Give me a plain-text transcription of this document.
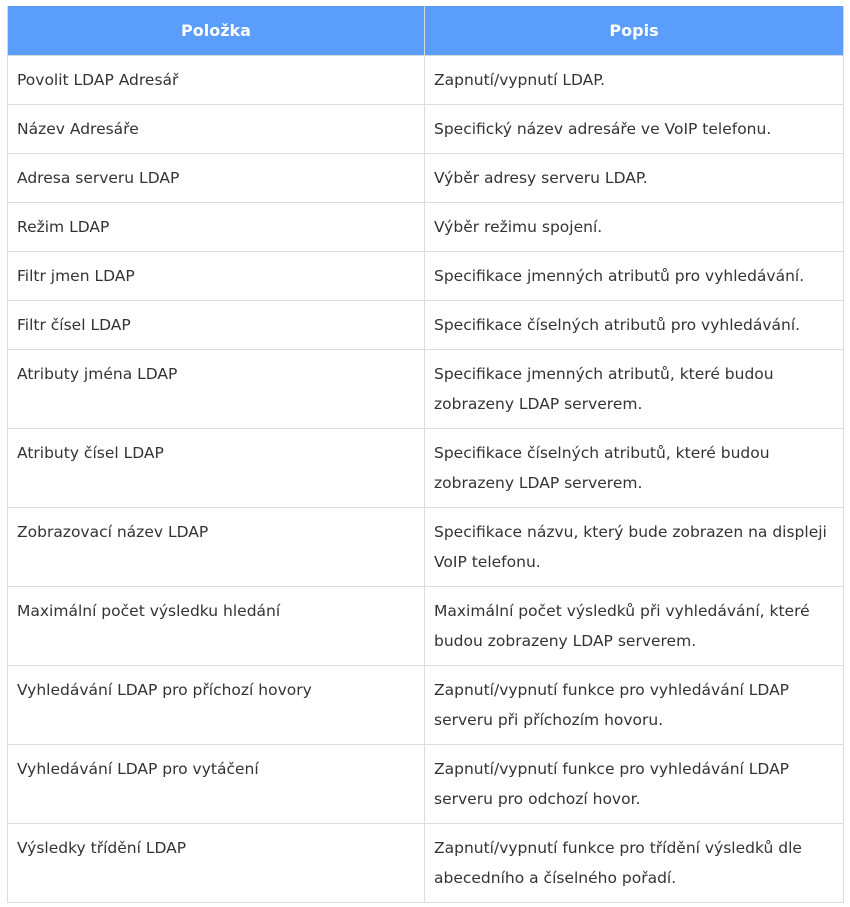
Položka	Popis
Povolit LDAP Adresář	Zapnutí/vypnutí LDAP.
Název Adresáře	Specifický název adresáře ve VoIP telefonu.
Adresa serveru LDAP	Výběr adresy serveru LDAP.
Režim LDAP	Výběr režimu spojení.
Filtr jmen LDAP	Specifikace jmenných atributů pro vyhledávání.
Filtr čísel LDAP	Specifikace číselných atributů pro vyhledávání.
Atributy jména LDAP	Specifikace jmenných atributů, které budou zobrazeny LDAP serverem.
Atributy čísel LDAP	Specifikace číselných atributů, které budou zobrazeny LDAP serverem.
Zobrazovací název LDAP	Specifikace názvu, který bude zobrazen na displeji VoIP telefonu.
Maximální počet výsledku hledání	Maximální počet výsledků při vyhledávání, které budou zobrazeny LDAP serverem.
Vyhledávání LDAP pro příchozí hovory	Zapnutí/vypnutí funkce pro vyhledávání LDAP serveru při příchozím hovoru.
Vyhledávání LDAP pro vytáčení	Zapnutí/vypnutí funkce pro vyhledávání LDAP serveru pro odchozí hovor.
Výsledky třídění LDAP	Zapnutí/vypnutí funkce pro třídění výsledků dle abecedního a číselného pořadí.
